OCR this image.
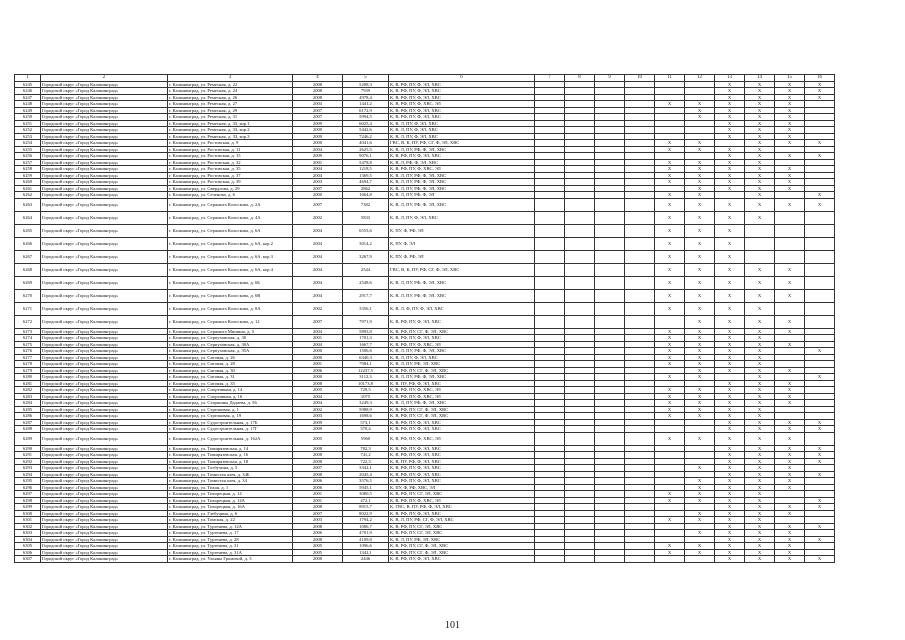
1	2	3	4	5	6	7	8	9	10	11	12	13	14	15	16
6245	Городской округ «Город Калининград»	г. Калининград, ул. Ремесная, д. 22	2008	5208,3	К, В, РФ, ПУ, Ф, ЭЛ, ХВС							Х	Х	Х	Х
6246	Городской округ «Город Калининград»	г. Калининград, ул. Ремесная, д. 24	2008	7939	К, В, РФ, ПУ, Ф, ЭЛ, ХВС							Х	Х	Х	Х
6247	Городской округ «Город Калининград»	г. Калининград, ул. Ремесная, д. 26	2008	4978,4	К, В, РФ, ПУ, Ф, ЭЛ, ХВС							Х	Х	Х	Х
6248	Городской округ «Город Калининград»	г. Калининград, ул. Ремесная, д. 27	2004	1441,2	К, В, РФ, ПУ, Ф, ХВС, ЭЛ					Х	Х	Х	Х	Х	
6249	Городской округ «Город Калининград»	г. Калининград, ул. Ремесная, д. 29	2007	6172,9	К, В, РФ, ПУ, Ф, ЭЛ, ХВС						Х	Х	Х	Х	
6250	Городской округ «Город Калининград»	г. Калининград, ул. Ремесная, д. 31	2007	5994,5	К, В, РФ, ПУ, Ф, ЭЛ, ХВС						Х	Х	Х	Х	
6251	Городской округ «Город Калининград»	г. Калининград, ул. Ремесная, д. 33, кор.1	2009	6025,4	К, В, Л, ПУ, Ф, ЭЛ, ХВС							Х	Х	Х	
6252	Городской округ «Город Калининград»	г. Калининград, ул. Ремесная, д. 33, кор.2	2009	5442,6	К, В, Л, ПУ, Ф, ЭЛ, ХВС							Х	Х	Х	
6253	Городской округ «Город Калининград»	г. Калининград, ул. Ремесная, д. 33, кор.3	2009	7246,2	К, В, Л, ПУ, Ф, ЭЛ, ХВС							Х	Х	Х	
6254	Городской округ «Город Калининград»	г. Калининград, ул. Ростовская, д. 9	2000	4041,6	ГВС, В, К, ПУ, РФ, СГ, Ф, ЭЛ, ХВС					Х	Х		Х	Х	Х
6255	Городской округ «Город Калининград»	г. Калининград, ул. Ростовская, д. 11	2004	2625,5	К, В, Л, ПУ, РФ, Ф, ЭЛ, ХВС					Х	Х	Х	Х		
6256	Городской округ «Город Калининград»	г. Калининград, ул. Ростовская, д. 15	2009	9076,1	К, В, РФ, ПУ, Ф, ЭЛ, ХВС							Х	Х	Х	Х
6257	Городской округ «Город Калининград»	г. Калининград, ул. Ростовская, д. 32	2001	5478,8	К, В, Л, РФ, Ф, ЭЛ, ХВС					Х	Х	Х	Х		
6258	Городской округ «Город Калининград»	г. Калининград, ул. Ростовская, д. 35	2004	1218,5	К, В, РФ, ПУ, Ф, ХВС, ЭЛ					Х	Х	Х	Х	Х	
6259	Городской округ «Город Калининград»	г. Калининград, ул. Ростовская, д. 37	2004	1369,5	К, В, Л, ПУ, РФ, Ф, ЭЛ, ХВС					Х	Х	Х	Х	Х	
6260	Городской округ «Город Калининград»	г. Калининград, ул. Ростовская, д. 39	2003	4694,7	К, В, Л, ПУ, РФ, Ф, ЭЛ, ХВС					Х	Х	Х	Х	Х	
6261	Городской округ «Город Калининград»	г. Калининград, ул. Свердлова, д. 29	2007	2862	К, В, Л, ПУ, РФ, Ф, ЭЛ, ХВС						Х	Х	Х	Х	
6262	Городской округ «Город Калининград»	г. Калининград, ул. Сеченова, д. 6	2000	1664,8	К, В, Л, ПУ, РФ, Ф, ЭЛ					Х	Х		Х		Х
6263	Городской округ «Город Калининград»	г. Калининград, ул. Сержанта Колоскова, д. 2А	2007	7382	К, В, Л, ПУ, РФ, Ф, ЭЛ, ХВС					Х	Х	Х	Х	Х	Х
6264	Городской округ «Город Калининград»	г. Калининград, ул. Сержанта Колоскова, д. 4А	2002	5833	К, В, Л, ПУ, Ф, ЭЛ, ХВС					Х	Х	Х	Х		
6265	Городской округ «Город Калининград»	г. Калининград, ул. Сержанта Колоскова, д. 6А	2004	6553,6	К, ПУ, Ф, РФ, ЭЛ					Х	Х	Х			
6266	Городской округ «Город Калининград»	г. Калининград, ул. Сержанта Колоскова, д. 6А, кор.2	2004	3014,2	К, ПУ, Ф, ЭЛ					Х	Х	Х			
6267	Городской округ «Город Калининград»	г. Калининград, ул. Сержанта Колоскова, д. 6А, кор.3	2004	3267,9	К, ПУ, Ф, РФ, ЭЛ					Х	Х	Х			
6268	Городской округ «Город Калининград»	г. Калининград, ул. Сержанта Колоскова, д. 6А, кор.4	2004	2544	ГВС, В, К, ПУ, РФ, СГ, Ф, ЭЛ, ХВС					Х	Х	Х	Х	Х	
6269	Городской округ «Город Калининград»	г. Калининград, ул. Сержанта Колоскова, д. 6Б	2004	2548,6	К, В, Л, ПУ, РФ, Ф, ЭЛ, ХВС					Х	Х	Х	Х	Х	
6270	Городской округ «Город Калининград»	г. Калининград, ул. Сержанта Колоскова, д. 6В	2004	2917,7	К, В, Л, ПУ, РФ, Ф, ЭЛ, ХВС					Х	Х	Х	Х	Х	
6271	Городской округ «Город Калининград»	г. Калининград, ул. Сержанта Колоскова, д. 8А	2002	3356,1	К, В, Л, Ф, ПУ, Ф, ЭЛ, ХВС					Х	Х	Х	Х		
6272	Городской округ «Город Калининград»	г. Калининград, ул. Сержанта Колоскова, д. 12	2007	7971,9	К, В, РФ, ПУ, Ф, ЭЛ, ХВС						Х	Х	Х	Х	
6273	Городской округ «Город Калининград»	г. Калининград, ул. Сержанта Мишина, д. 3	2004	5893,8	К, В, РФ, ПУ, СГ, Ф, ЭЛ, ХВС					Х	Х	Х	Х	Х	
6274	Городской округ «Город Калининград»	г. Калининград, ул. Серпуховская, д. 30	2001	1701,3	К, В, РФ, ПУ, Ф, ЭЛ, ХВС					Х	Х	Х	Х		
6275	Городской округ «Город Калининград»	г. Калининград, ул. Серпуховская, д. 30А	2004	1667,7	К, В, РФ, ПУ, Ф, ХВС, ЭЛ					Х	Х	Х	Х	Х	
6276	Городской округ «Город Калининград»	г. Калининград, ул. Серпуховская, д. 35А	2000	1506,6	К, В, Л, ПУ, РФ, Ф, ЭЛ, ХВС					Х	Х	Х	Х		Х
6277	Городской округ «Город Калининград»	г. Калининград, ул. Сиговая, д. 26	2000	6340,3	К, В, Л, ПУ, Ф, ЭЛ, ХВС					Х	Х	Х	Х		
6278	Городской округ «Город Калининград»	г. Калининград, ул. Сиговая, д. 28	2001	7984,1	К, В, Л, ПУ, РФ, ЭЛ, ХВС					Х	Х	Х	Х		
6279	Городской округ «Город Калининград»	г. Калининград, ул. Сиговая, д. 30	2006	12237,5	К, В, РФ, ПУ, СГ, Ф, ЭЛ, ХВС						Х	Х	Х	Х	
6280	Городской округ «Город Калининград»	г. Калининград, ул. Сиговая, д. 31	2000	3112,3	К, В, Л, ПУ, РФ, Ф, ЭЛ, ХВС					Х	Х		Х		Х
6281	Городской округ «Город Калининград»	г. Калининград, ул. Сиговая, д. 35	2008	10173,8	К, В, ПУ, РФ, Ф, ЭЛ, ХВС							Х	Х	Х	
6282	Городской округ «Город Калининград»	г. Калининград, ул. Спортивная, д. 14	2005	729,5	К, В, РФ, ПУ, Ф, ХВС, ЭЛ					Х	Х	Х	Х	Х	
6283	Городской округ «Город Калининград»	г. Калининград, ул. Спортивная, д. 16	2004	1075	К, В, РФ, ПУ, Ф, ХВС, ЭЛ					Х	Х	Х	Х	Х	
6284	Городской округ «Город Калининград»	г. Калининград, ул. Старшины Дадаева, д. 56	2004	3249,3	К, В, Л, ПУ, РФ, Ф, ЭЛ, ХВС					Х	Х	Х	Х	Х	
6285	Городской округ «Город Калининград»	г. Калининград, ул. Стрелковая, д. 1	2002	5988,9	К, В, РФ, ПУ, СГ, Ф, ЭЛ, ХВС					Х	Х	Х	Х		
6286	Городской округ «Город Калининград»	г. Калининград, ул. Стрелковая, д. 19	2003	1698,6	К, В, РФ, ПУ, СГ, Ф, ЭЛ, ХВС					Х	Х	Х	Х		
6287	Городской округ «Город Калининград»	г. Калининград, ул. Судостроительная, д. 17Б	2009	573,1	К, В, РФ, ПУ, Ф, ЭЛ, ХВС							Х	Х	Х	Х
6288	Городской округ «Город Калининград»	г. Калининград, ул. Судостроительная, д. 17Г	2009	570,4	К, В, РФ, ПУ, Ф, ЭЛ, ХВС							Х	Х	Х	Х
6289	Городской округ «Город Калининград»	г. Калининград, ул. Судостроительная, д. 162А	2005	5960	К, В, РФ, ПУ, Ф, ХВС, ЭЛ					Х	Х	Х	Х	Х	
6290	Городской округ «Город Калининград»	г. Калининград, ул. Тимирязевская, д. 14	2008	782,3	К, В, РФ, ПУ, Ф, ЭЛ, ХВС							Х	Х	Х	Х
6291	Городской округ «Город Калининград»	г. Калининград, ул. Тимирязевская, д. 16	2008	741,2	К, В, РФ, ПУ, Ф, ЭЛ, ХВС							Х	Х	Х	Х
6292	Городской округ «Город Калининград»	г. Калининград, ул. Тимирязевская, д. 18	2008	722,3	К, В, ПУ, РФ, Ф, ЭЛ, ХВС							Х	Х	Х	Х
6293	Городской округ «Город Калининград»	г. Калининград, ул. Толбухина, д. 5	2007	3342,1	К, В, РФ, ПУ, Ф, ЭЛ, ХВС						Х	Х	Х	Х	
6294	Городской округ «Город Калининград»	г. Калининград, ул. Томистая алея, д. 34Б	2008	2045,4	К, В, РФ, ПУ, Ф, ЭЛ, ХВС							Х	Х	Х	Х
6295	Городской округ «Город Калининград»	г. Калининград, ул. Томистая алея, д. 34	2006	3576,5	К, В, РФ, ПУ, Ф, ЭЛ, ХВС						Х	Х	Х	Х	
6296	Городской округ «Город Калининград»	г. Калининград, ул. Тихая, д. 1	2006	5945,1	К, ПУ, Ф, РФ, ХВС, ЭЛ						Х	Х	Х	Х	
6297	Городской округ «Город Калининград»	г. Калининград, ул. Тихорецкая, д. 14	2001	3080,5	К, В, РФ, ПУ, СГ, ЭЛ, ХВС					Х	Х	Х	Х		
6298	Городской округ «Город Калининград»	г. Калининград, ул. Тихорецкая, д. 14А	2001	472,1	К, В, РФ, ПУ, Ф, ХВС, ЭЛ					Х	Х	Х	Х		Х
6299	Городской округ «Город Калининград»	г. Калининград, ул. Тихорецкая, д. 16А	2008	8915,7	К, ГВС, В, ПУ, РФ, Ф, ЭЛ, ХВС							Х	Х	Х	Х
6300	Городской округ «Город Калининград»	г. Калининград, ул. Глебуцина, д. 6	2007	8022,9	К, В, РФ, ПУ, Ф, ЭЛ, ХВС						Х	Х	Х	Х	
6301	Городской округ «Город Калининград»	г. Калининград, ул. Томская, д. 22	2003	1794,2	К, В, Л, ПУ, РФ, СГ, Ф, ЭЛ, ХВС					Х	Х	Х	Х		
6302	Городской округ «Город Калининград»	г. Калининград, ул. Тургенева, д. 12А	2008	1086,7	К, В, РФ, ПУ, СГ, ЭЛ, ХВС							Х	Х	Х	Х
6303	Городской округ «Город Калининград»	г. Калининград, ул. Тургенева, д. 17	2006	4701,9	К, В, РФ, ПУ, СГ, ЭЛ, ХВС						Х	Х	Х	Х	
6304	Городской округ «Город Калининград»	г. Калининград, ул. Тургенева, д. 28	2008	4109,8	К, В, Л, ПУ, РФ, ЭЛ, ХВС							Х	Х	Х	Х
6305	Городской округ «Город Калининград»	г. Калининград, ул. Тургенева, д. 31	2005	1096,6	К, В, РФ, ПУ, СГ, Ф, ЭЛ, ХВС					Х	Х	Х	Х	Х	
6306	Городской округ «Город Калининград»	г. Калининград, ул. Тургенева, д. 31А	2005	1342,1	К, В, РФ, ПУ, СГ, Ф, ЭЛ, ХВС					Х	Х	Х	Х	Х	
6307	Городской округ «Город Калининград»	г. Калининград, ул. Ульяны Громовой, д. 3	2008	2446	К, В, РФ, ПУ, Ф, ЭЛ, ХВС							Х	Х	Х	Х
101
